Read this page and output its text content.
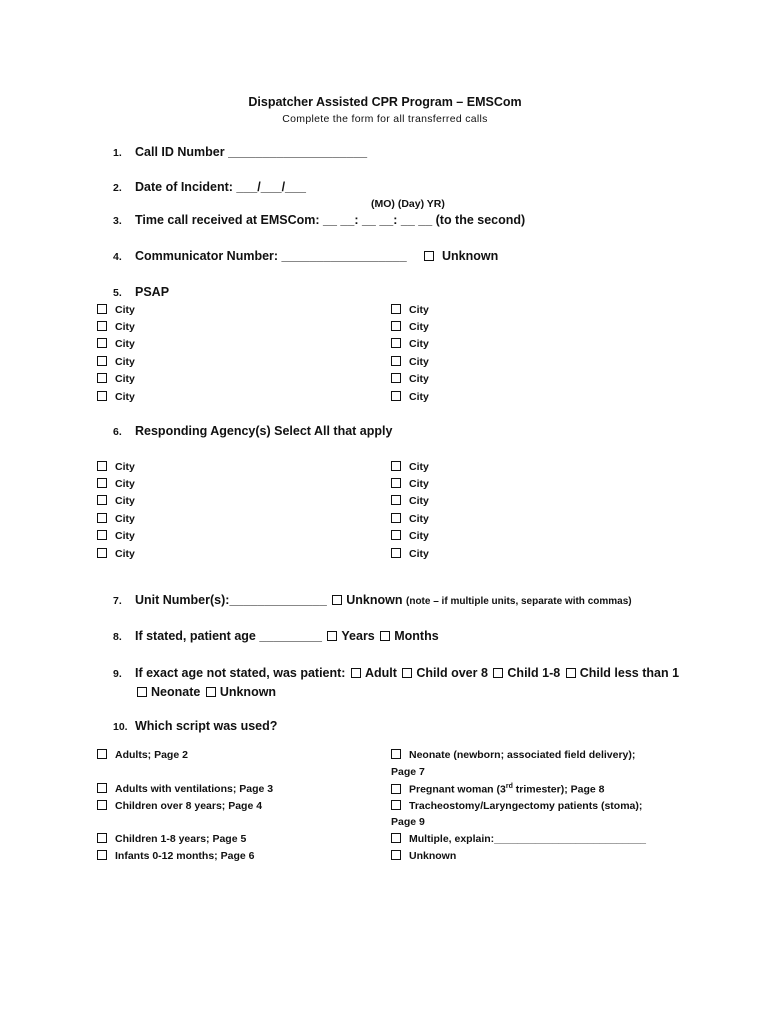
Dispatcher Assisted CPR Program – EMSCom
Complete the form for all transferred calls
1. Call ID Number ____________________
2. Date of Incident: ___/___/___
(MO) (Day) YR)
3. Time call received at EMSCom: __ __: __ __: __ __ (to the second)
4. Communicator Number: __________________	Unknown
5. PSAP
City
City
City
City
City
City
City
City
City
City
City
City
6. Responding Agency(s) Select All that apply
City
City
City
City
City
City
City
City
City
City
City
City
7. Unit Number(s):______________ Unknown (note – if multiple units, separate with commas)
8. If stated, patient age _________ Years Months
9. If exact age not stated, was patient: Adult Child over 8 Child 1-8 Child less than 1
Neonate Unknown
10. Which script was used?
Adults; Page 2
Adults with ventilations; Page 3
Children over 8 years; Page 4
Children 1-8 years; Page 5
Infants 0-12 months; Page 6
Neonate (newborn; associated field delivery);
Page 7
Pregnant woman (3rd trimester); Page 8
Tracheostomy/Laryngectomy patients (stoma);
Page 9
Multiple, explain:__________________________
Unknown
